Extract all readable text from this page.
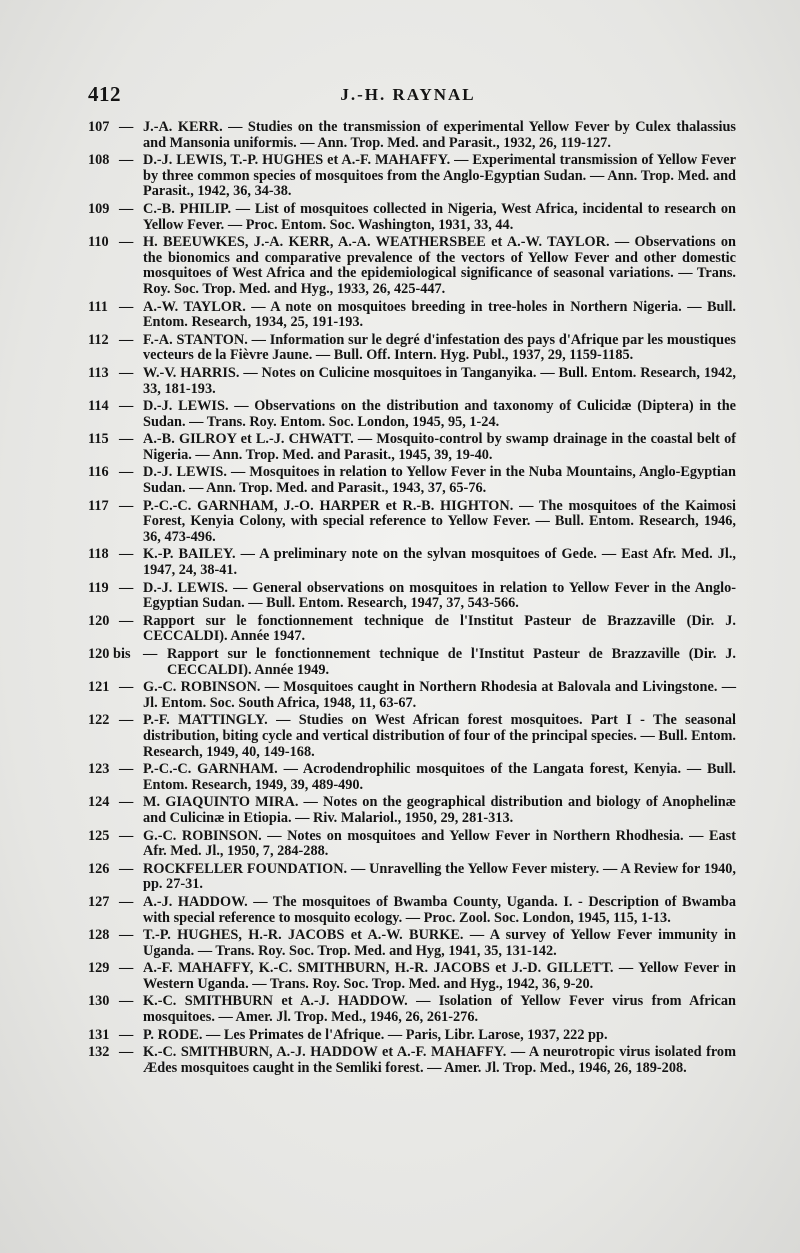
412	J.-H. RAYNAL
107 — J.-A. KERR. — Studies on the transmission of experimental Yellow Fever by Culex thalassius and Mansonia uniformis. — Ann. Trop. Med. and Parasit., 1932, 26, 119-127.
108 — D.-J. LEWIS, T.-P. HUGHES et A.-F. MAHAFFY. — Experimental transmission of Yellow Fever by three common species of mosquitoes from the Anglo-Egyptian Sudan. — Ann. Trop. Med. and Parasit., 1942, 36, 34-38.
109 — C.-B. PHILIP. — List of mosquitoes collected in Nigeria, West Africa, incidental to research on Yellow Fever. — Proc. Entom. Soc. Washington, 1931, 33, 44.
110 — H. BEEUWKES, J.-A. KERR, A.-A. WEATHERSBEE et A.-W. TAYLOR. — Observations on the bionomics and comparative prevalence of the vectors of Yellow Fever and other domestic mosquitoes of West Africa and the epidemiological significance of seasonal variations. — Trans. Roy. Soc. Trop. Med. and Hyg., 1933, 26, 425-447.
111 — A.-W. TAYLOR. — A note on mosquitoes breeding in tree-holes in Northern Nigeria. — Bull. Entom. Research, 1934, 25, 191-193.
112 — F.-A. STANTON. — Information sur le degré d'infestation des pays d'Afrique par les moustiques vecteurs de la Fièvre Jaune. — Bull. Off. Intern. Hyg. Publ., 1937, 29, 1159-1185.
113 — W.-V. HARRIS. — Notes on Culicine mosquitoes in Tanganyika. — Bull. Entom. Research, 1942, 33, 181-193.
114 — D.-J. LEWIS. — Observations on the distribution and taxonomy of Culicidæ (Diptera) in the Sudan. — Trans. Roy. Entom. Soc. London, 1945, 95, 1-24.
115 — A.-B. GILROY et L.-J. CHWATT. — Mosquito-control by swamp drainage in the coastal belt of Nigeria. — Ann. Trop. Med. and Parasit., 1945, 39, 19-40.
116 — D.-J. LEWIS. — Mosquitoes in relation to Yellow Fever in the Nuba Mountains, Anglo-Egyptian Sudan. — Ann. Trop. Med. and Parasit., 1943, 37, 65-76.
117 — P.-C.-C. GARNHAM, J.-O. HARPER et R.-B. HIGHTON. — The mosquitoes of the Kaimosi Forest, Kenyia Colony, with special reference to Yellow Fever. — Bull. Entom. Research, 1946, 36, 473-496.
118 — K.-P. BAILEY. — A preliminary note on the sylvan mosquitoes of Gede. — East Afr. Med. Jl., 1947, 24, 38-41.
119 — D.-J. LEWIS. — General observations on mosquitoes in relation to Yellow Fever in the Anglo-Egyptian Sudan. — Bull. Entom. Research, 1947, 37, 543-566.
120 — Rapport sur le fonctionnement technique de l'Institut Pasteur de Brazzaville (Dir. J. CECCALDI). Année 1947.
120 bis — Rapport sur le fonctionnement technique de l'Institut Pasteur de Brazzaville (Dir. J. CECCALDI). Année 1949.
121 — G.-C. ROBINSON. — Mosquitoes caught in Northern Rhodesia at Balovala and Livingstone. — Jl. Entom. Soc. South Africa, 1948, 11, 63-67.
122 — P.-F. MATTINGLY. — Studies on West African forest mosquitoes. Part I - The seasonal distribution, biting cycle and vertical distribution of four of the principal species. — Bull. Entom. Research, 1949, 40, 149-168.
123 — P.-C.-C. GARNHAM. — Acrodendrophilic mosquitoes of the Langata forest, Kenyia. — Bull. Entom. Research, 1949, 39, 489-490.
124 — M. GIAQUINTO MIRA. — Notes on the geographical distribution and biology of Anophelinæ and Culicinæ in Etiopia. — Riv. Malariol., 1950, 29, 281-313.
125 — G.-C. ROBINSON. — Notes on mosquitoes and Yellow Fever in Northern Rhodhesia. — East Afr. Med. Jl., 1950, 7, 284-288.
126 — ROCKFELLER FOUNDATION. — Unravelling the Yellow Fever mistery. — A Review for 1940, pp. 27-31.
127 — A.-J. HADDOW. — The mosquitoes of Bwamba County, Uganda. I. - Description of Bwamba with special reference to mosquito ecology. — Proc. Zool. Soc. London, 1945, 115, 1-13.
128 — T.-P. HUGHES, H.-R. JACOBS et A.-W. BURKE. — A survey of Yellow Fever immunity in Uganda. — Trans. Roy. Soc. Trop. Med. and Hyg, 1941, 35, 131-142.
129 — A.-F. MAHAFFY, K.-C. SMITHBURN, H.-R. JACOBS et J.-D. GILLETT. — Yellow Fever in Western Uganda. — Trans. Roy. Soc. Trop. Med. and Hyg., 1942, 36, 9-20.
130 — K.-C. SMITHBURN et A.-J. HADDOW. — Isolation of Yellow Fever virus from African mosquitoes. — Amer. Jl. Trop. Med., 1946, 26, 261-276.
131 — P. RODE. — Les Primates de l'Afrique. — Paris, Libr. Larose, 1937, 222 pp.
132 — K.-C. SMITHBURN, A.-J. HADDOW et A.-F. MAHAFFY. — A neurotropic virus isolated from Ædes mosquitoes caught in the Semliki forest. — Amer. Jl. Trop. Med., 1946, 26, 189-208.
